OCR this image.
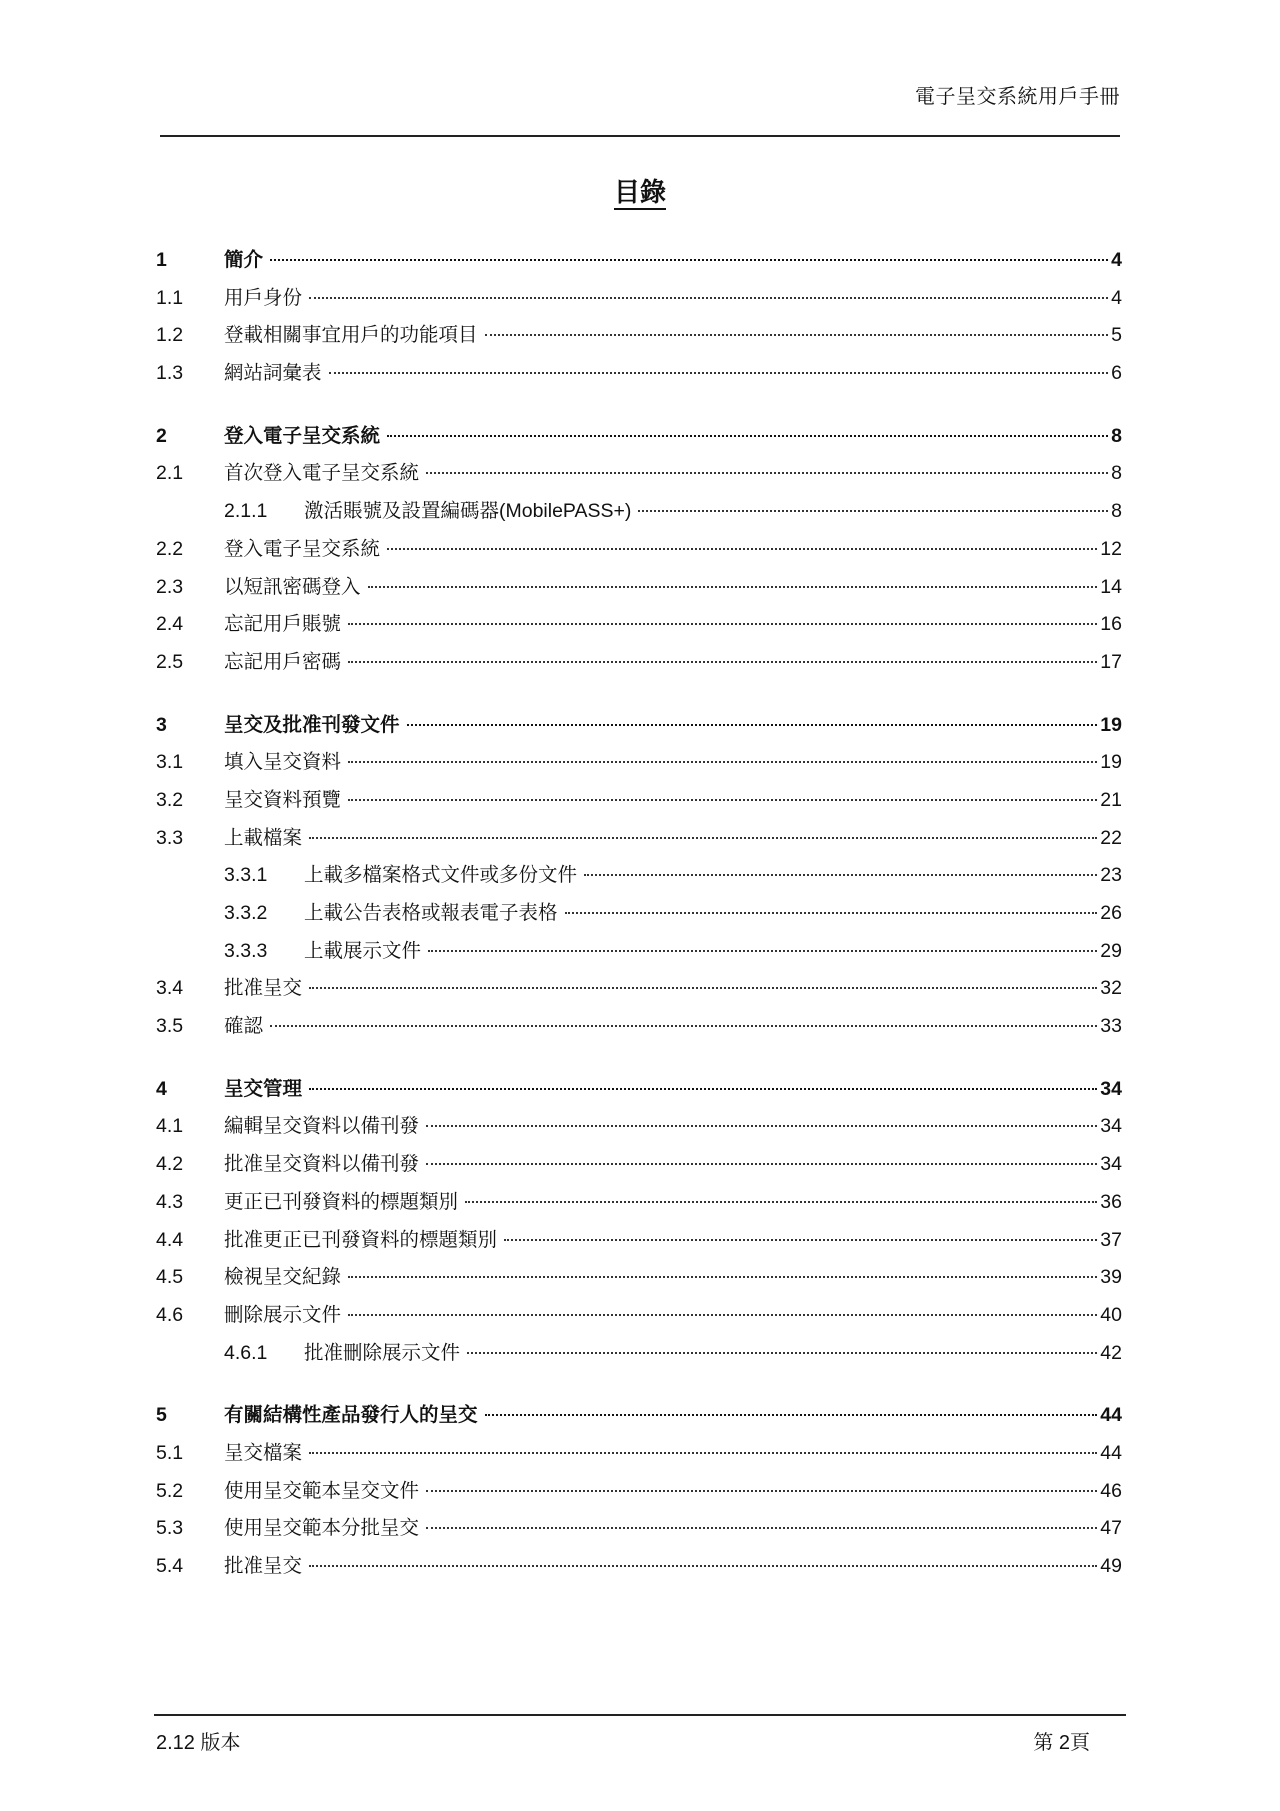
電子呈交系統用戶手冊
目錄
1	簡介	4
1.1 用戶身份	4
1.2 登載相關事宜用戶的功能項目	5
1.3 網站詞彙表	6
2	登入電子呈交系統	8
2.1 首次登入電子呈交系統	8
2.1.1 激活賬號及設置編碼器(MobilePASS+)	8
2.2 登入電子呈交系統	12
2.3 以短訊密碼登入	14
2.4 忘記用戶賬號	16
2.5 忘記用戶密碼	17
3	呈交及批准刊發文件	19
3.1 填入呈交資料	19
3.2 呈交資料預覽	21
3.3 上載檔案	22
3.3.1 上載多檔案格式文件或多份文件	23
3.3.2 上載公告表格或報表電子表格	26
3.3.3 上載展示文件	29
3.4 批准呈交	32
3.5 確認	33
4	呈交管理	34
4.1 編輯呈交資料以備刊發	34
4.2 批准呈交資料以備刊發	34
4.3 更正已刊發資料的標題類別	36
4.4 批准更正已刊發資料的標題類別	37
4.5 檢視呈交紀錄	39
4.6 刪除展示文件	40
4.6.1 批准刪除展示文件	42
5	有關結構性產品發行人的呈交	44
5.1 呈交檔案	44
5.2 使用呈交範本呈交文件	46
5.3 使用呈交範本分批呈交	47
5.4 批准呈交	49
2.12 版本	第 2頁
